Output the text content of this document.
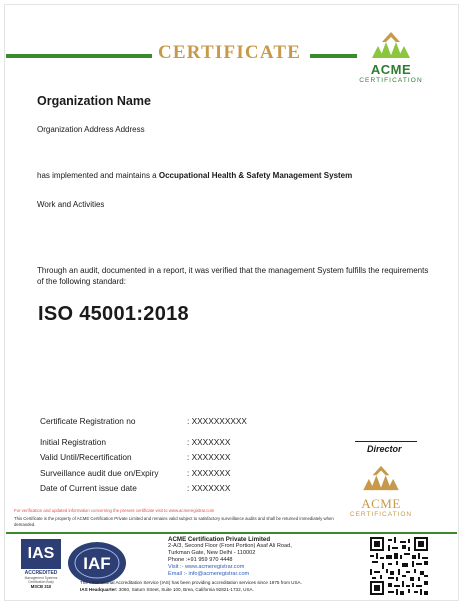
CERTIFICATE
ACME
CERTIFICATION
Organization Name
Organization Address Address
has implemented and maintains a Occupational Health & Safety Management System
Work and Activities
Through an audit, documented in a report, it was verified that the management System fulfills the requirements of the following standard:
ISO 45001:2018
Certificate Registration no	: XXXXXXXXXX
Initial Registration	: XXXXXXX
Valid Until/Recertification	: XXXXXXX
Surveillance audit due on/Expiry	: XXXXXXX
Date of Current issue date	: XXXXXXX
Director
ACME
CERTIFICATION
For verification and updated information concerning the present certificate visit to www.acmeregistrar.com
This Certificate is the property of ACME Certification Private Limited and remains valid subject to satisfactory surveillance audits and shall be returned immediately when demanded.
IAS
ACCREDITED
Management Systems Certification Body
MSCB 310
IAF
ACME Certification Private Limited
2-A/3, Second Floor (Front Portion) Asaf Ali Road,
Turkman Gate, New Delhi - 110002
Phone :+91 959 970 4448
Visit :- www.acmeregistrar.com
Email :- info@acmeregistrar.com
The International Accreditation Service (IAS) has been providing accreditation services since 1975 from USA.
IAS Headquarter: 3060, Saturn Street, Suite 100, Brea, California 92821-1732, USA.
